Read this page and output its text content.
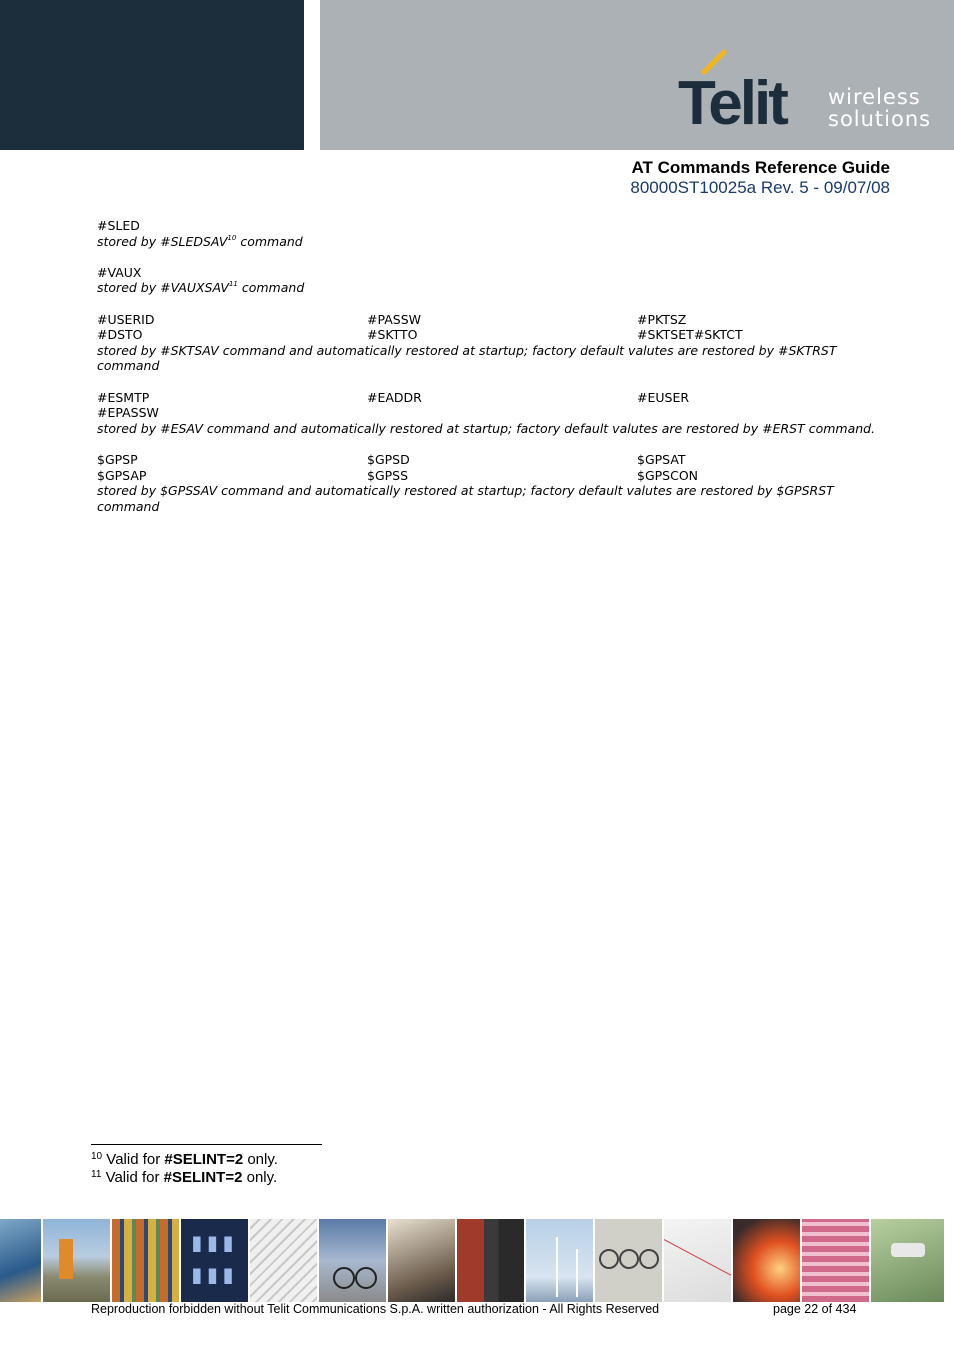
Telit wireless
solutions
AT Commands Reference Guide
80000ST10025a Rev. 5 - 09/07/08
#SLED
stored by #SLEDSAV$^{10}$ command
#VAUX
stored by #VAUXSAV$^{11}$ command
#USERID	#PASSW	#PKTSZ
#DSTO	#SKTTO	#SKTSET#SKTCT
stored by #SKTSAV command and automatically restored at startup; factory default valutes are restored by #SKTRST command
#ESMTP	#EADDR	#EUSER
#EPASSW
stored by #ESAV command and automatically restored at startup; factory default valutes are restored by #ERST command.
$GPSP	$GPSD	$GPSAT
$GPSAP	$GPSS	$GPSCON
stored by $GPSSAV command and automatically restored at startup; factory default valutes are restored by $GPSRST command
$^{10}$ Valid for #SELINT=2 only.
$^{11}$ Valid for #SELINT=2 only.
▮▮▮
▮▮▮
Reproduction forbidden without Telit Communications S.p.A. written authorization - All Rights Reserved	page 22 of 434
